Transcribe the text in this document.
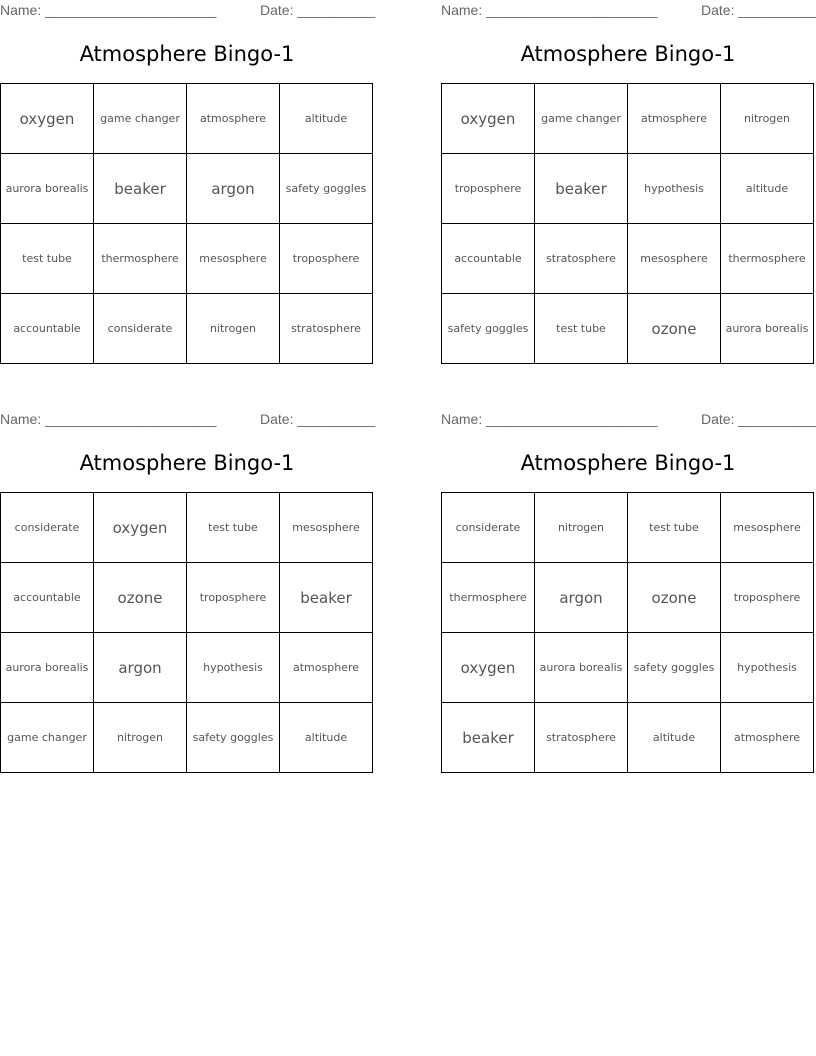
Name: ______________________	Date: __________
Atmosphere Bingo-1
oxygen	game changer	atmosphere	altitude
aurora borealis	beaker	argon	safety goggles
test tube	thermosphere	mesosphere	troposphere
accountable	considerate	nitrogen	stratosphere
Name: ______________________	Date: __________
Atmosphere Bingo-1
oxygen	game changer	atmosphere	nitrogen
troposphere	beaker	hypothesis	altitude
accountable	stratosphere	mesosphere	thermosphere
safety goggles	test tube	ozone	aurora borealis
Name: ______________________	Date: __________
Atmosphere Bingo-1
considerate	oxygen	test tube	mesosphere
accountable	ozone	troposphere	beaker
aurora borealis	argon	hypothesis	atmosphere
game changer	nitrogen	safety goggles	altitude
Name: ______________________	Date: __________
Atmosphere Bingo-1
considerate	nitrogen	test tube	mesosphere
thermosphere	argon	ozone	troposphere
oxygen	aurora borealis	safety goggles	hypothesis
beaker	stratosphere	altitude	atmosphere
